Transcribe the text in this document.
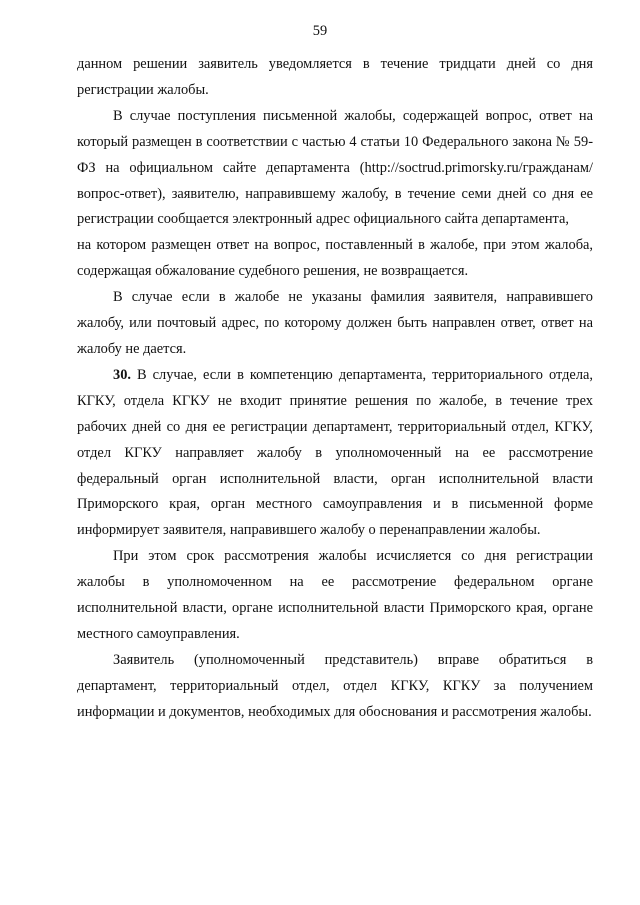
59

данном решении заявитель уведомляется в течение тридцати дней со дня регистрации жалобы.

В случае поступления письменной жалобы, содержащей вопрос, ответ на который размещен в соответствии с частью 4 статьи 10 Федерального закона № 59-ФЗ на официальном сайте департамента (http://soctrud.primorsky.ru/гражданам/вопрос-ответ), заявителю, направившему жалобу, в течение семи дней со дня ее регистрации сообщается электронный адрес официального сайта департамента,

на котором размещен ответ на вопрос, поставленный в жалобе, при этом жалоба, содержащая обжалование судебного решения, не возвращается.

В случае если в жалобе не указаны фамилия заявителя, направившего жалобу, или почтовый адрес, по которому должен быть направлен ответ, ответ на жалобу не дается.

30. В случае, если в компетенцию департамента, территориального отдела, КГКУ, отдела КГКУ не входит принятие решения по жалобе, в течение трех рабочих дней со дня ее регистрации департамент, территориальный отдел, КГКУ, отдел КГКУ направляет жалобу в уполномоченный на ее рассмотрение федеральный орган исполнительной власти, орган исполнительной власти Приморского края, орган местного самоуправления и в письменной форме информирует заявителя, направившего жалобу о перенаправлении жалобы.

При этом срок рассмотрения жалобы исчисляется со дня регистрации жалобы в уполномоченном на ее рассмотрение федеральном органе исполнительной власти, органе исполнительной власти Приморского края, органе местного самоуправления.

Заявитель (уполномоченный представитель) вправе обратиться в департамент, территориальный отдел, отдел КГКУ, КГКУ за получением информации и документов, необходимых для обоснования и рассмотрения жалобы.
